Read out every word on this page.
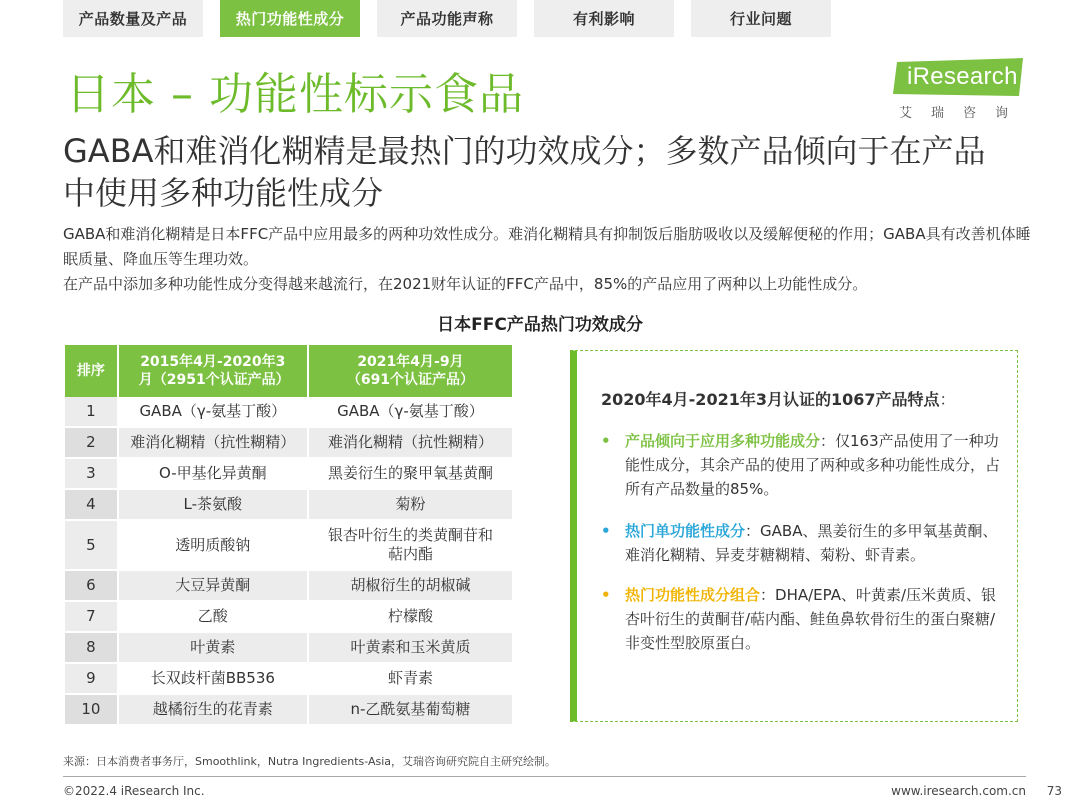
产品数量及产品	热门功能性成分	产品功能声称	有利影响	行业问题
日本 – 功能性标示食品	iResearch
艾瑞咨询
GABA和难消化糊精是最热门的功效成分；多数产品倾向于在产品中使用多种功能性成分

GABA和难消化糊精是日本FFC产品中应用最多的两种功效性成分。难消化糊精具有抑制饭后脂肪吸收以及缓解便秘的作用；GABA具有改善机体睡眠质量、降血压等生理功效。

在产品中添加多种功能性成分变得越来越流行，在2021财年认证的FFC产品中，85%的产品应用了两种以上功能性成分。

日本FFC产品热门功效成分
排序	2015年4月-2020年3月（2951个认证产品）	2021年4月-9月（691个认证产品）
1	GABA（γ-氨基丁酸）	GABA（γ-氨基丁酸）
2	难消化糊精（抗性糊精）	难消化糊精（抗性糊精）
3	O-甲基化异黄酮	黑姜衍生的聚甲氧基黄酮
4	L-茶氨酸	菊粉
5	透明质酸钠	银杏叶衍生的类黄酮苷和萜内酯
6	大豆异黄酮	胡椒衍生的胡椒碱
7	乙酸	柠檬酸
8	叶黄素	叶黄素和玉米黄质
9	长双歧杆菌BB536	虾青素
10	越橘衍生的花青素	n-乙酰氨基葡萄糖
2020年4月-2021年3月认证的1067产品特点：
• 产品倾向于应用多种功能成分：仅163产品使用了一种功能性成分，其余产品的使用了两种或多种功能性成分，占所有产品数量的85%。
• 热门单功能性成分：GABA、黑姜衍生的多甲氧基黄酮、难消化糊精、异麦芽糖糊精、菊粉、虾青素。
• 热门功能性成分组合：DHA/EPA、叶黄素/压米黄质、银杏叶衍生的黄酮苷/萜内酯、鲑鱼鼻软骨衍生的蛋白聚糖/非变性型胶原蛋白。
来源：日本消费者事务厅，Smoothlink，Nutra Ingredients-Asia，艾瑞咨询研究院自主研究绘制。
©2022.4 iResearch Inc.	www.iresearch.com.cn 73
